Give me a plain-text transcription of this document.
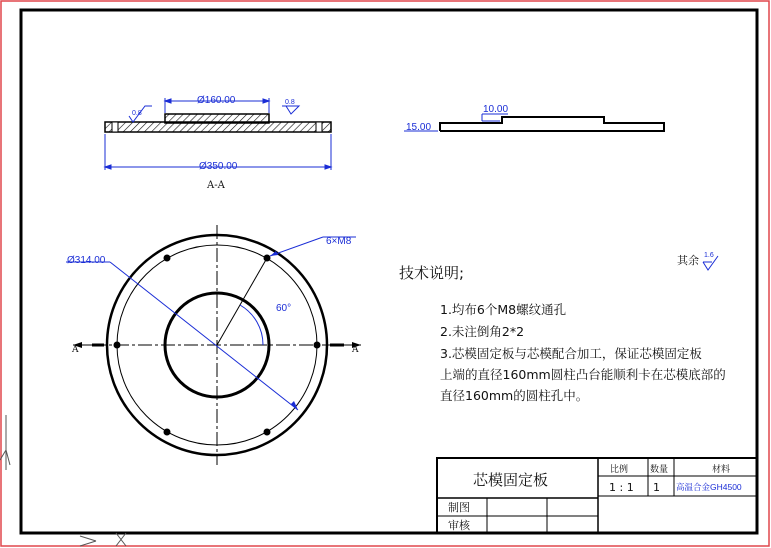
Ø160.00
Ø350.00
0.8
0.8
A-A
10.00
15.00
A	A
60°
Ø314.00
6×M8
技术说明;
1.均布6个M8螺纹通孔
2.未注倒角2*2
3.芯模固定板与芯模配合加工，保证芯模固定板
上端的直径160mm圆柱凸台能顺利卡在芯模底部的
直径160mm的圆柱孔中。
其余 1.6
芯模固定板
比例 数量	材料
1 : 1 1 高温合金GH4500
制图
审核
